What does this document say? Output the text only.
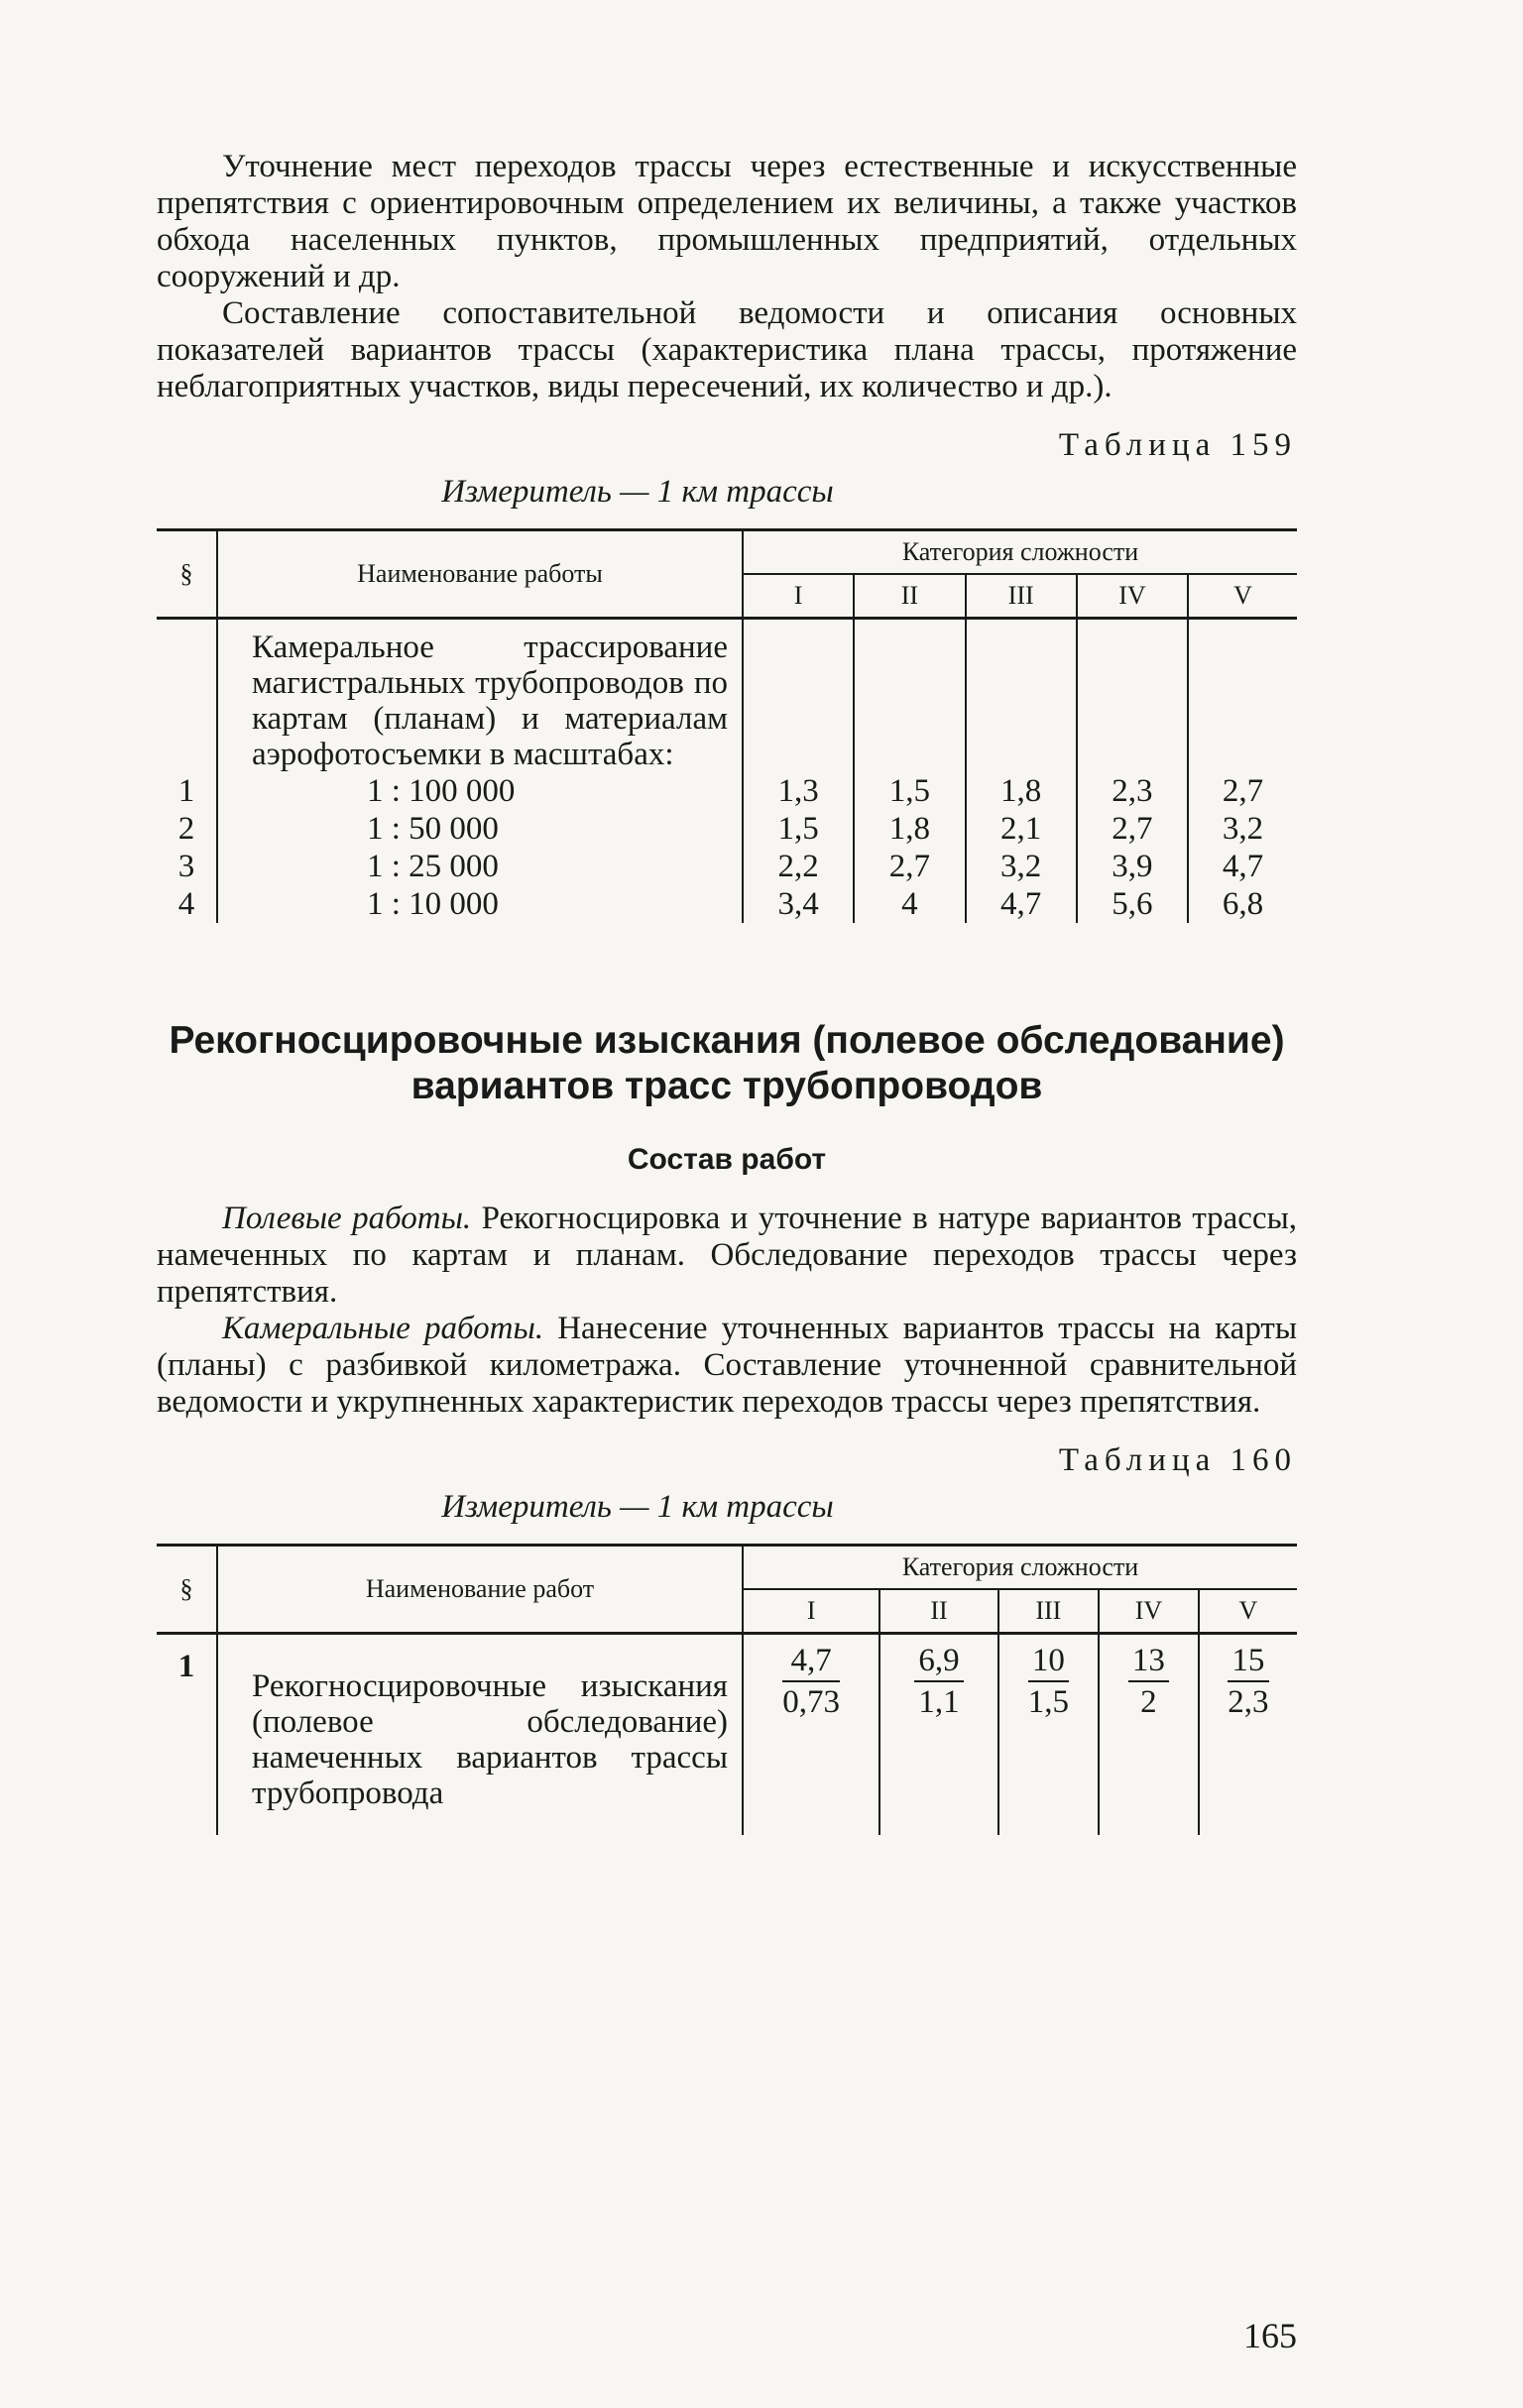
Уточнение мест переходов трассы через естественные и искусственные препятствия с ориентировочным определением их величины, а также участков обхода населенных пунктов, промышленных предприятий, отдельных сооружений и др.

Составление сопоставительной ведомости и описания основных показателей вариантов трассы (характеристика плана трассы, протяжение неблагоприятных участков, виды пересечений, их количество и др.).

Таблица 159
Измеритель — 1 км трассы
§	Наименование работы	Категория сложности				
		I	II	III	IV	V
	Камеральное трассирование магистральных трубопроводов по картам (планам) и материалам аэрофотосъемки в масштабах:					
1	1 : 100 000	1,3	1,5	1,8	2,3	2,7
2	1 : 50 000	1,5	1,8	2,1	2,7	3,2
3	1 : 25 000	2,2	2,7	3,2	3,9	4,7
4	1 : 10 000	3,4	4	4,7	5,6	6,8
Рекогносцировочные изыскания (полевое обследование)
вариантов трасс трубопроводов
Состав работ

Полевые работы. Рекогносцировка и уточнение в натуре вариантов трассы, намеченных по картам и планам. Обследование переходов трассы через препятствия.

Камеральные работы. Нанесение уточненных вариантов трассы на карты (планы) с разбивкой километража. Составление уточненной сравнительной ведомости и укрупненных характеристик переходов трассы через препятствия.

Таблица 160
Измеритель — 1 км трассы
§	Наименование работ	Категория сложности				
		I	II	III	IV	V
1	Рекогносцировочные изыскания (полевое обследование) намеченных вариантов трассы трубопровода	$\frac{4,7}{0,73}$	$\frac{6,9}{1,1}$	$\frac{10}{1,5}$	$\frac{13}{2}$	$\frac{15}{2,3}$
165
